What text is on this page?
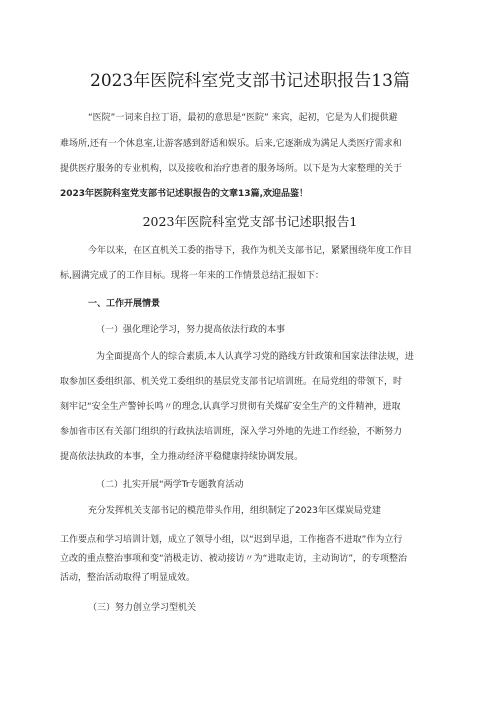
2023年医院科室党支部书记述职报告13篇
“医院”一词来自拉丁语，最初的意思是“医院” 来宾，起初，它是为人们提供避
难场所,还有一个休息室,让游客感到舒适和娱乐。后来,它逐渐成为满足人类医疗需求和
提供医疗服务的专业机构，以及接收和治疗患者的服务场所。以下是为大家整理的关于
2023年医院科室党支部书记述职报告的文章13篇,欢迎品鉴！
2023年医院科室党支部书记述职报告1
今年以来，在区直机关工委的指导下，我作为机关支部书记，紧紧围绕年度工作目
标,圆满完成了的工作目标。现将一年来的工作情景总结汇报如下：
一、工作开展情景
（一）强化理论学习，努力提高依法行政的本事
为全面提高个人的综合素质,本人认真学习党的路线方针政策和国家法律法规，进
取参加区委组织部、机关党工委组织的基层党支部书记培训班。在局党组的带领下，时
刻牢记“安全生产警钟长鸣〃的理念,认真学习贯彻有关煤矿安全生产的文件精神，进取
参加省市区有关部门组织的行政执法培训班，深入学习外地的先进工作经验，不断努力
提高依法执政的本事，全力推动经济平稳健康持续协调发展。
（二）扎实开展“两学Tr专题教育活动
充分发挥机关支部书记的模范带头作用，组织制定了2023年区煤炭局党建
工作要点和学习培训计划，成立了领导小组，以“迟到早退，工作拖沓不进取”作为立行
立改的重点整治事项和变“消极走访、被动接访〃为“进取走访，主动询访”，的专项整治
活动，整治活动取得了明显成效。
（三）努力创立学习型机关
